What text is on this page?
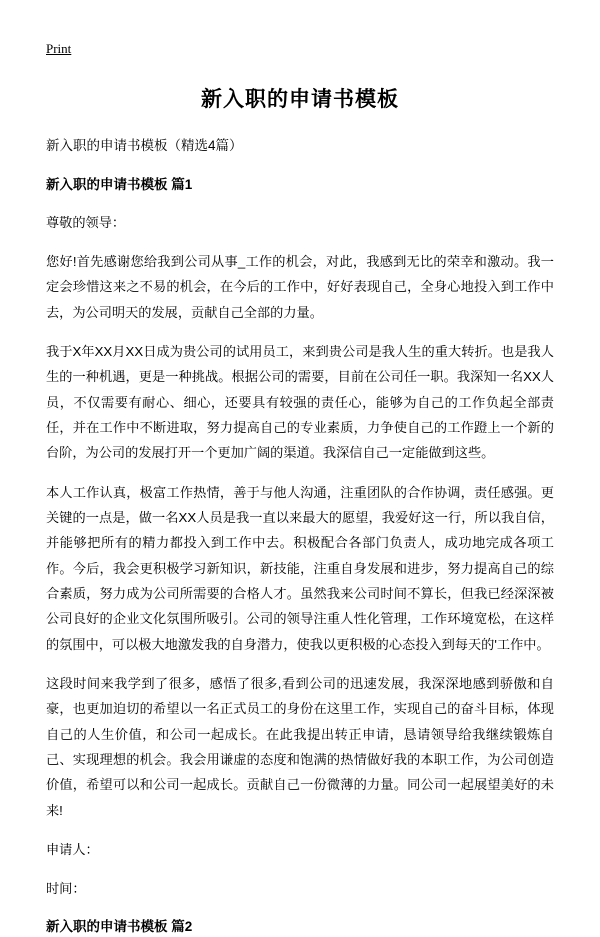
Print
新入职的申请书模板

新入职的申请书模板（精选4篇）

新入职的申请书模板 篇1

尊敬的领导：

您好!首先感谢您给我到公司从事_工作的机会，对此，我感到无比的荣幸和激动。我一定会珍惜这来之不易的机会，在今后的工作中，好好表现自己，全身心地投入到工作中去，为公司明天的发展，贡献自己全部的力量。

我于X年XX月XX日成为贵公司的试用员工，来到贵公司是我人生的重大转折。也是我人生的一种机遇，更是一种挑战。根据公司的需要，目前在公司任一职。我深知一名XX人员，不仅需要有耐心、细心，还要具有较强的责任心，能够为自己的工作负起全部责任，并在工作中不断进取，努力提高自己的专业素质，力争使自己的工作蹬上一个新的台阶，为公司的发展打开一个更加广阔的渠道。我深信自己一定能做到这些。

本人工作认真，极富工作热情，善于与他人沟通，注重团队的合作协调，责任感强。更关键的一点是，做一名XX人员是我一直以来最大的愿望，我爱好这一行，所以我自信，并能够把所有的精力都投入到工作中去。积极配合各部门负责人，成功地完成各项工作。今后，我会更积极学习新知识，新技能，注重自身发展和进步，努力提高自己的综合素质，努力成为公司所需要的合格人才。虽然我来公司时间不算长，但我已经深深被公司良好的企业文化氛围所吸引。公司的领导注重人性化管理，工作环境宽松，在这样的氛围中，可以极大地激发我的自身潜力，使我以更积极的心态投入到每天的'工作中。

这段时间来我学到了很多，感悟了很多,看到公司的迅速发展，我深深地感到骄傲和自豪，也更加迫切的希望以一名正式员工的身份在这里工作，实现自己的奋斗目标，体现自己的人生价值，和公司一起成长。在此我提出转正申请，恳请领导给我继续锻炼自己、实现理想的机会。我会用谦虚的态度和饱满的热情做好我的本职工作，为公司创造价值，希望可以和公司一起成长。贡献自己一份微薄的力量。同公司一起展望美好的未来!

申请人：

时间：

新入职的申请书模板 篇2
